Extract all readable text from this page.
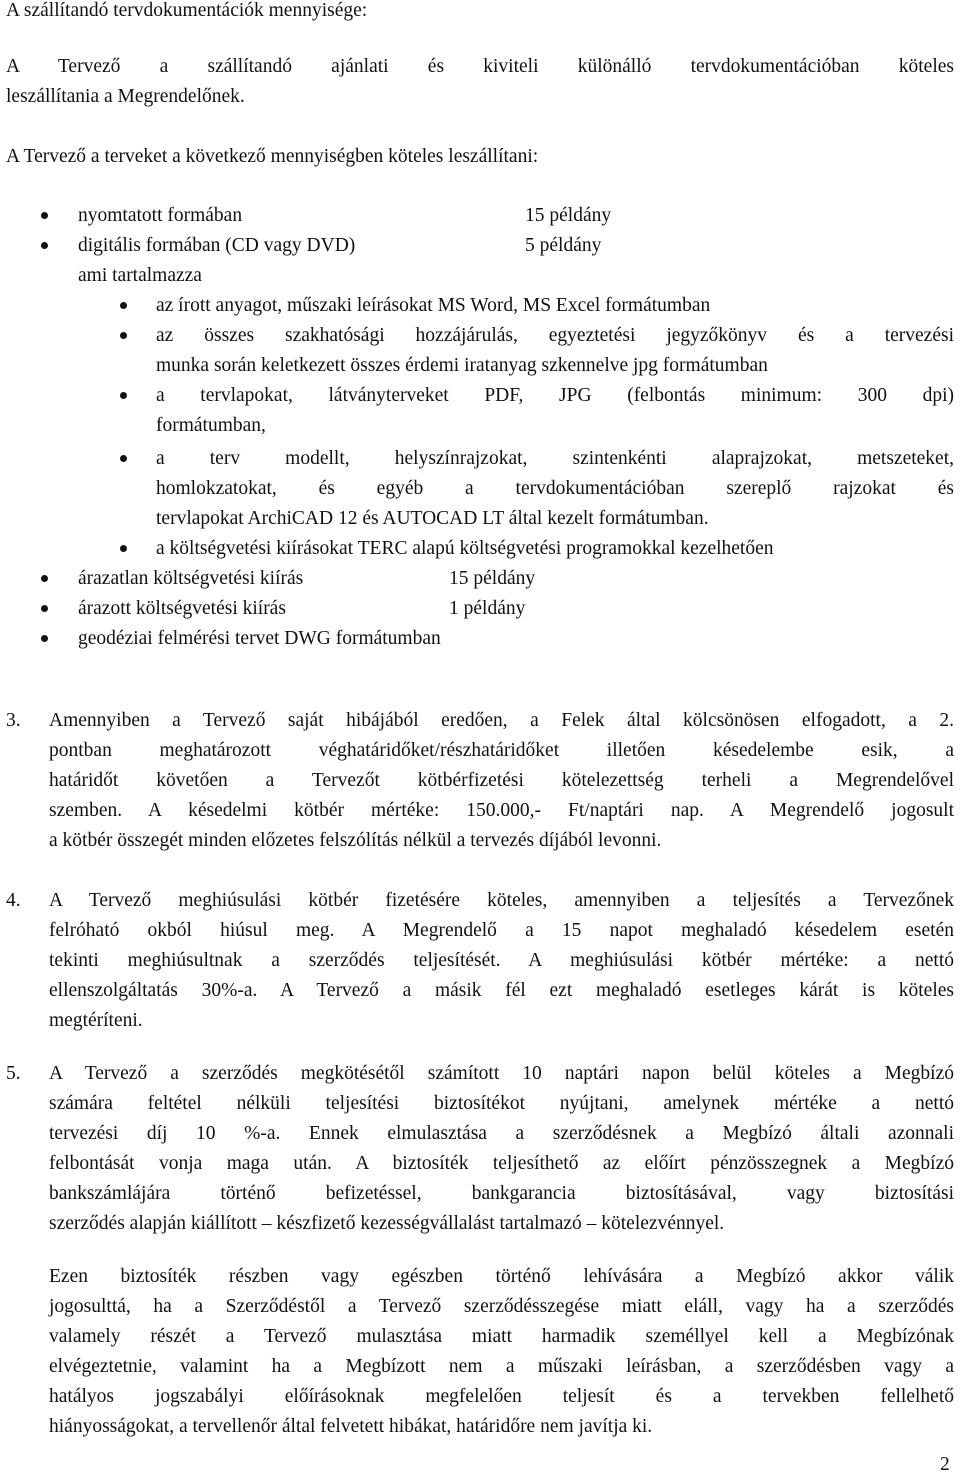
A szállítandó tervdokumentációk mennyisége:
A Tervező a szállítandó ajánlati és kiviteli különálló tervdokumentációban köteles
leszállítania a Megrendelőnek.
A Tervező a terveket a következő mennyiségben köteles leszállítani:
nyomtatott formában	15 példány
digitális formában (CD vagy DVD)	5 példány
ami tartalmazza
az írott anyagot, műszaki leírásokat MS Word, MS Excel formátumban
az összes szakhatósági hozzájárulás, egyeztetési jegyzőkönyv és a tervezési
munka során keletkezett összes érdemi iratanyag szkennelve jpg formátumban
a tervlapokat, látványterveket PDF, JPG (felbontás minimum: 300 dpi)
formátumban,
a terv modellt, helyszínrajzokat, szintenkénti alaprajzokat, metszeteket,
homlokzatokat, és egyéb a tervdokumentációban szereplő rajzokat és
tervlapokat ArchiCAD 12 és AUTOCAD LT által kezelt formátumban.
a költségvetési kiírásokat TERC alapú költségvetési programokkal kezelhetően
árazatlan költségvetési kiírás	15 példány
árazott költségvetési kiírás	1 példány
geodéziai felmérési tervet DWG formátumban
3. Amennyiben a Tervező saját hibájából eredően, a Felek által kölcsönösen elfogadott, a 2.
pontban meghatározott véghatáridőket/részhatáridőket illetően késedelembe esik, a
határidőt követően a Tervezőt kötbérfizetési kötelezettség terheli a Megrendelővel
szemben. A késedelmi kötbér mértéke: 150.000,- Ft/naptári nap. A Megrendelő jogosult
a kötbér összegét minden előzetes felszólítás nélkül a tervezés díjából levonni.
4. A Tervező meghiúsulási kötbér fizetésére köteles, amennyiben a teljesítés a Tervezőnek
felróható okból hiúsul meg. A Megrendelő a 15 napot meghaladó késedelem esetén
tekinti meghiúsultnak a szerződés teljesítését. A meghiúsulási kötbér mértéke: a nettó
ellenszolgáltatás 30%-a. A Tervező a másik fél ezt meghaladó esetleges kárát is köteles
megtéríteni.
5. A Tervező a szerződés megkötésétől számított 10 naptári napon belül köteles a Megbízó
számára feltétel nélküli teljesítési biztosítékot nyújtani, amelynek mértéke a nettó
tervezési díj 10 %-a. Ennek elmulasztása a szerződésnek a Megbízó általi azonnali
felbontását vonja maga után. A biztosíték teljesíthető az előírt pénzösszegnek a Megbízó
bankszámlájára történő befizetéssel, bankgarancia biztosításával, vagy biztosítási
szerződés alapján kiállított – készfizető kezességvállalást tartalmazó – kötelezvénnyel.
Ezen biztosíték részben vagy egészben történő lehívására a Megbízó akkor válik
jogosulttá, ha a Szerződéstől a Tervező szerződésszegése miatt eláll, vagy ha a szerződés
valamely részét a Tervező mulasztása miatt harmadik személlyel kell a Megbízónak
elvégeztetnie, valamint ha a Megbízott nem a műszaki leírásban, a szerződésben vagy a
hatályos jogszabályi előírásoknak megfelelően teljesít és a tervekben fellelhető
hiányosságokat, a tervellenőr által felvetett hibákat, határidőre nem javítja ki.
2
